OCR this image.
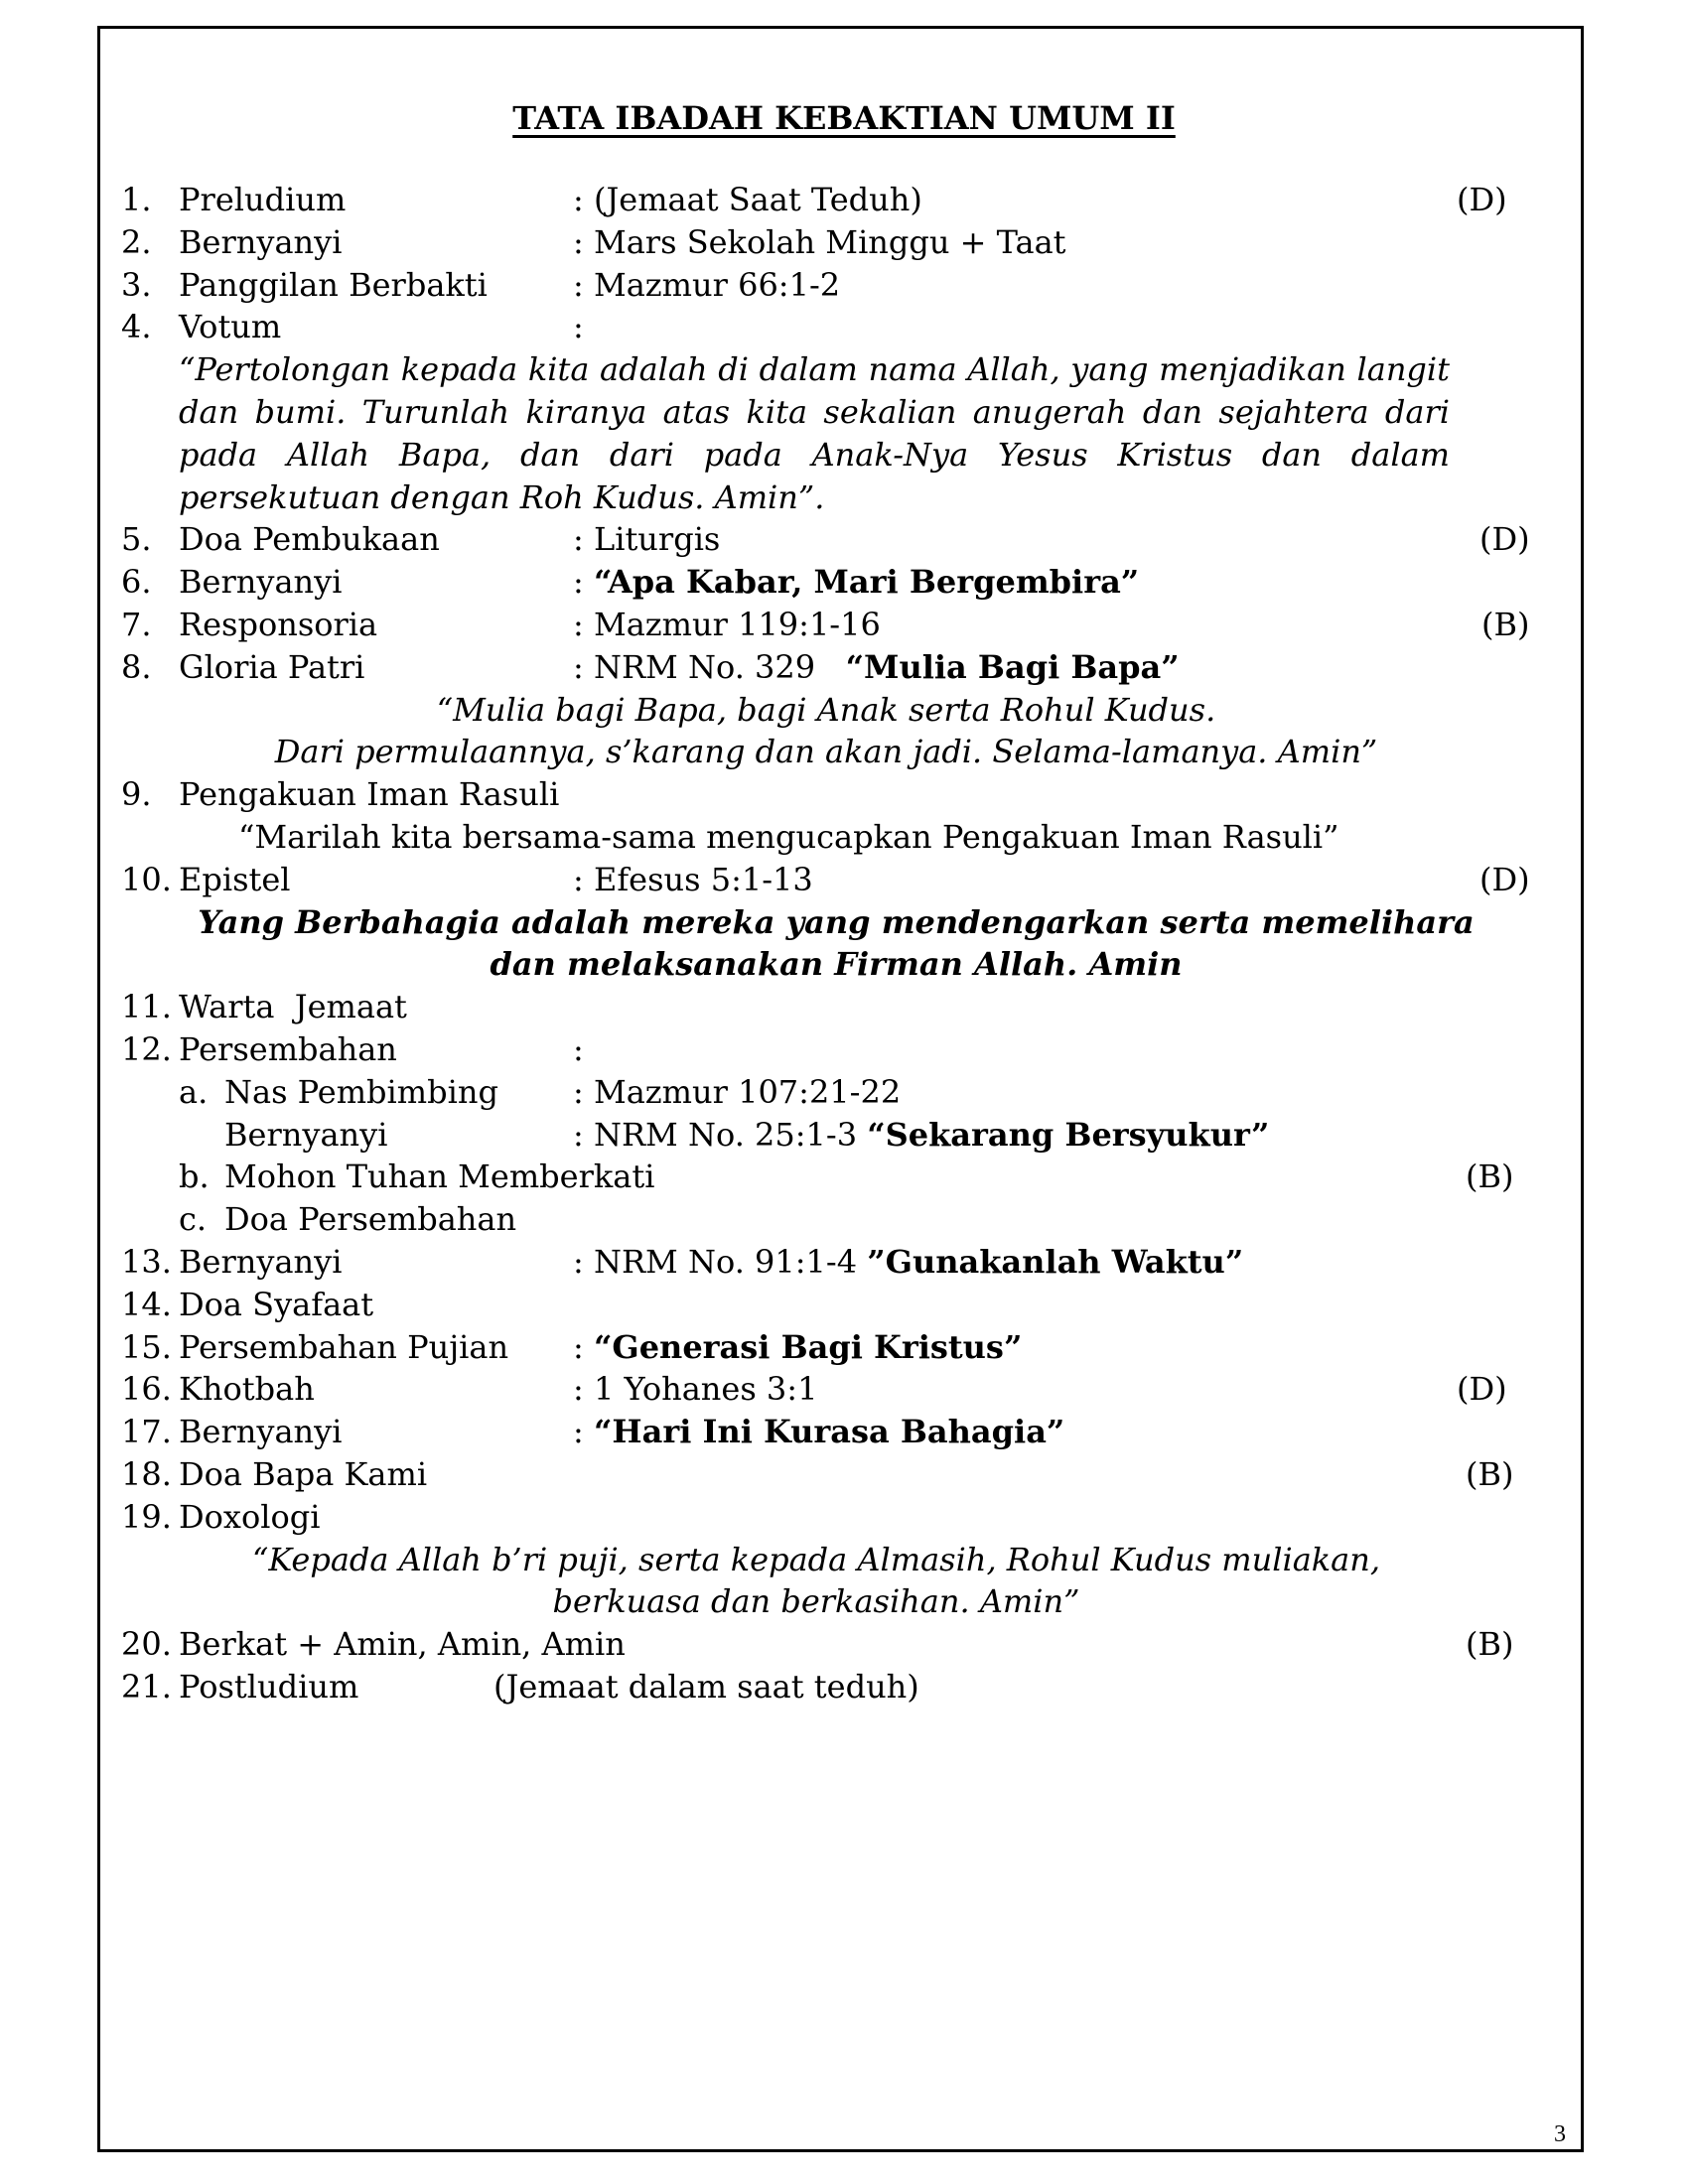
TATA IBADAH KEBAKTIAN UMUM II
1. Preludium	: (Jemaat Saat Teduh)	(D)
2. Bernyanyi	: Mars Sekolah Minggu + Taat
3. Panggilan Berbakti	: Mazmur 66:1-2
4. Votum	:
“Pertolongan kepada kita adalah di dalam nama Allah, yang menjadikan langit dan bumi. Turunlah kiranya atas kita sekalian anugerah dan sejahtera dari pada Allah Bapa, dan dari pada Anak-Nya Yesus Kristus dan dalam persekutuan dengan Roh Kudus. Amin”.
5. Doa Pembukaan	: Liturgis	(D)
6. Bernyanyi	: “Apa Kabar, Mari Bergembira”
7. Responsoria	: Mazmur 119:1-16	(B)
8. Gloria Patri	: NRM No. 329 “Mulia Bagi Bapa”
“Mulia bagi Bapa, bagi Anak serta Rohul Kudus.
Dari permulaannya, s’karang dan akan jadi. Selama-lamanya. Amin”
9. Pengakuan Iman Rasuli
“Marilah kita bersama-sama mengucapkan Pengakuan Iman Rasuli”
10. Epistel	: Efesus 5:1-13	(D)
Yang Berbahagia adalah mereka yang mendengarkan serta memelihara
dan melaksanakan Firman Allah. Amin
11. Warta  Jemaat
12. Persembahan	:
a. Nas Pembimbing : Mazmur 107:21-22
Bernyanyi	: NRM No. 25:1-3 “Sekarang Bersyukur”
b. Mohon Tuhan Memberkati	(B)
c. Doa Persembahan
13. Bernyanyi	: NRM No. 91:1-4 ”Gunakanlah Waktu”
14. Doa Syafaat
15. Persembahan Pujian : “Generasi Bagi Kristus”
16. Khotbah	: 1 Yohanes 3:1	(D)
17. Bernyanyi	: “Hari Ini Kurasa Bahagia”
18. Doa Bapa Kami	(B)
19. Doxologi
“Kepada Allah b’ri puji, serta kepada Almasih, Rohul Kudus muliakan,
berkuasa dan berkasihan. Amin”
20. Berkat + Amin, Amin, Amin	(B)
21. Postludium	(Jemaat dalam saat teduh)
3
